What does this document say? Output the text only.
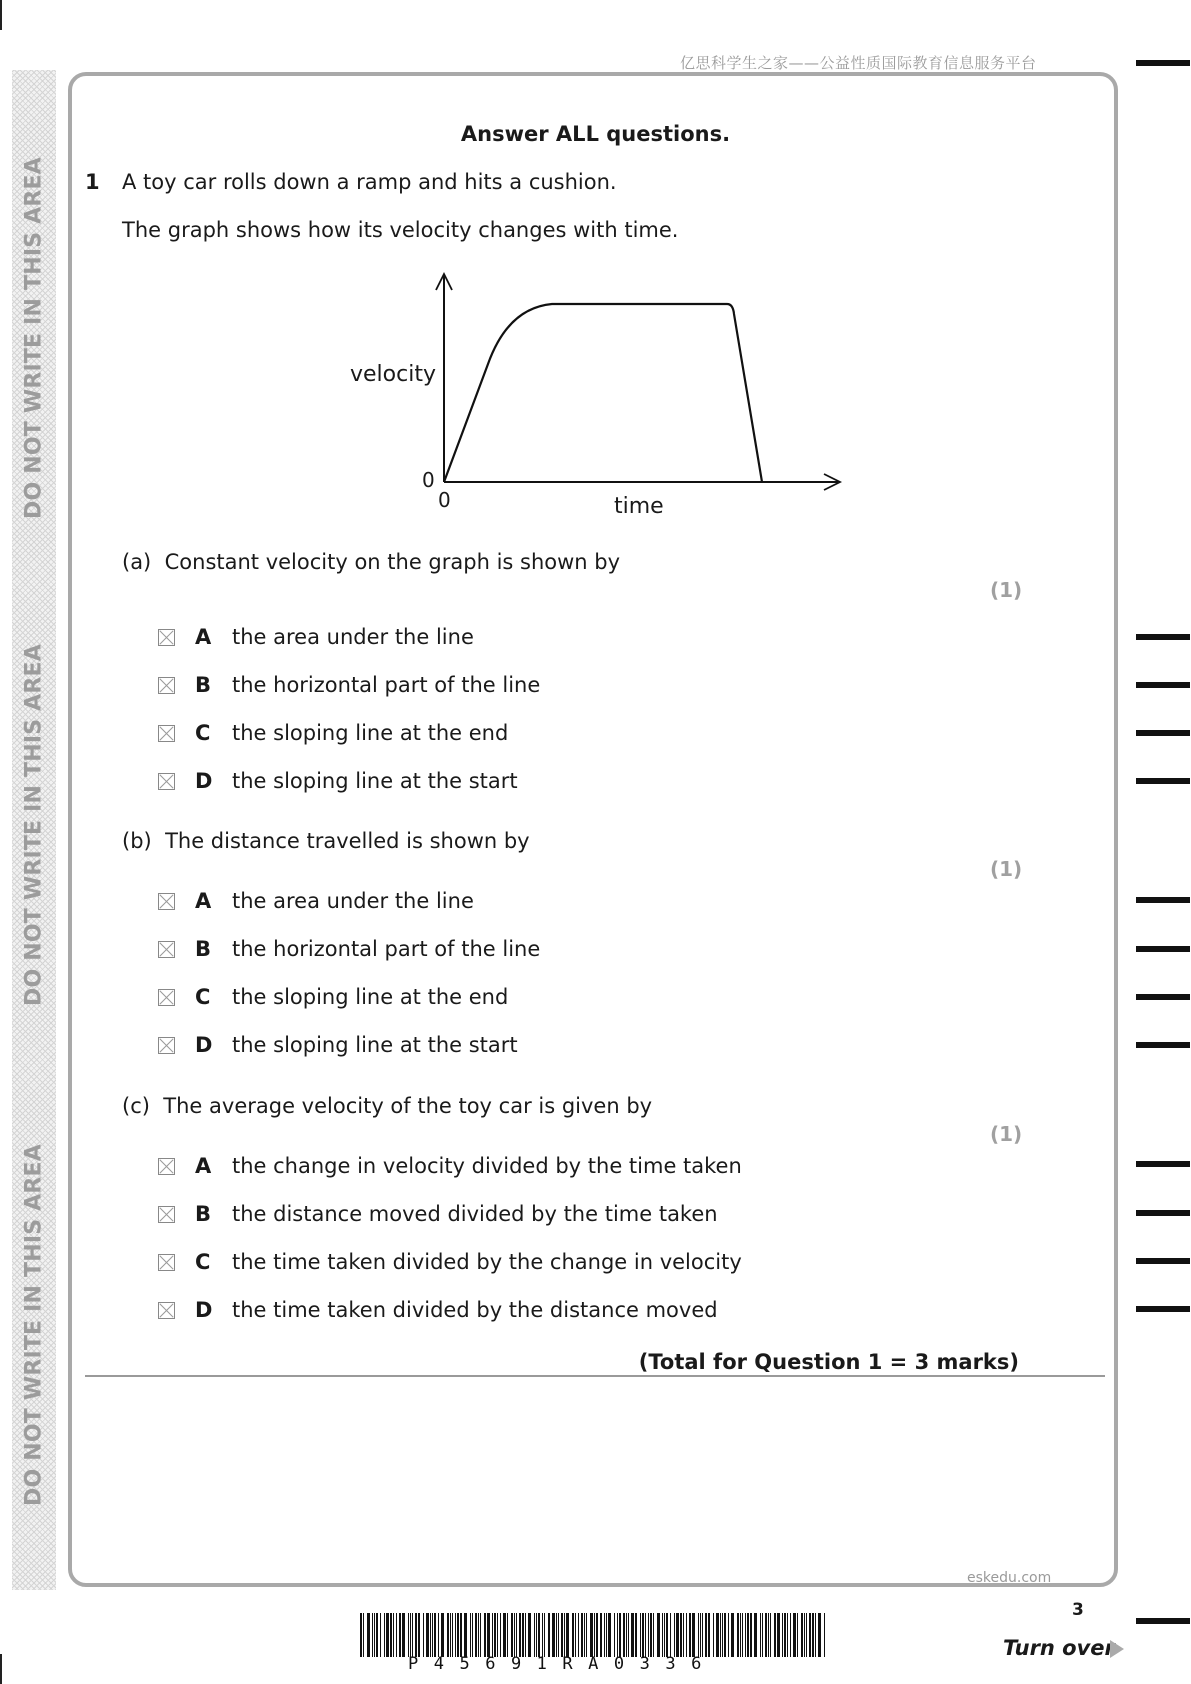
亿思科学生之家——公益性质国际教育信息服务平台
DO NOT WRITE IN THIS AREA
DO NOT WRITE IN THIS AREA
DO NOT WRITE IN THIS AREA
Answer ALL questions.
1 A toy car rolls down a ramp and hits a cushion.
The graph shows how its velocity changes with time.
velocity
0
0	time
(a) Constant velocity on the graph is shown by
(1)
A the area under the line
B the horizontal part of the line
C the sloping line at the end
D the sloping line at the start
(b) The distance travelled is shown by
(1)
A the area under the line
B the horizontal part of the line
C the sloping line at the end
D the sloping line at the start
(c) The average velocity of the toy car is given by
(1)
A the change in velocity divided by the time taken
B the distance moved divided by the time taken
C the time taken divided by the change in velocity
D the time taken divided by the distance moved
(Total for Question 1 = 3 marks)
eskedu.com
3
Turn over
P45691RA0336
